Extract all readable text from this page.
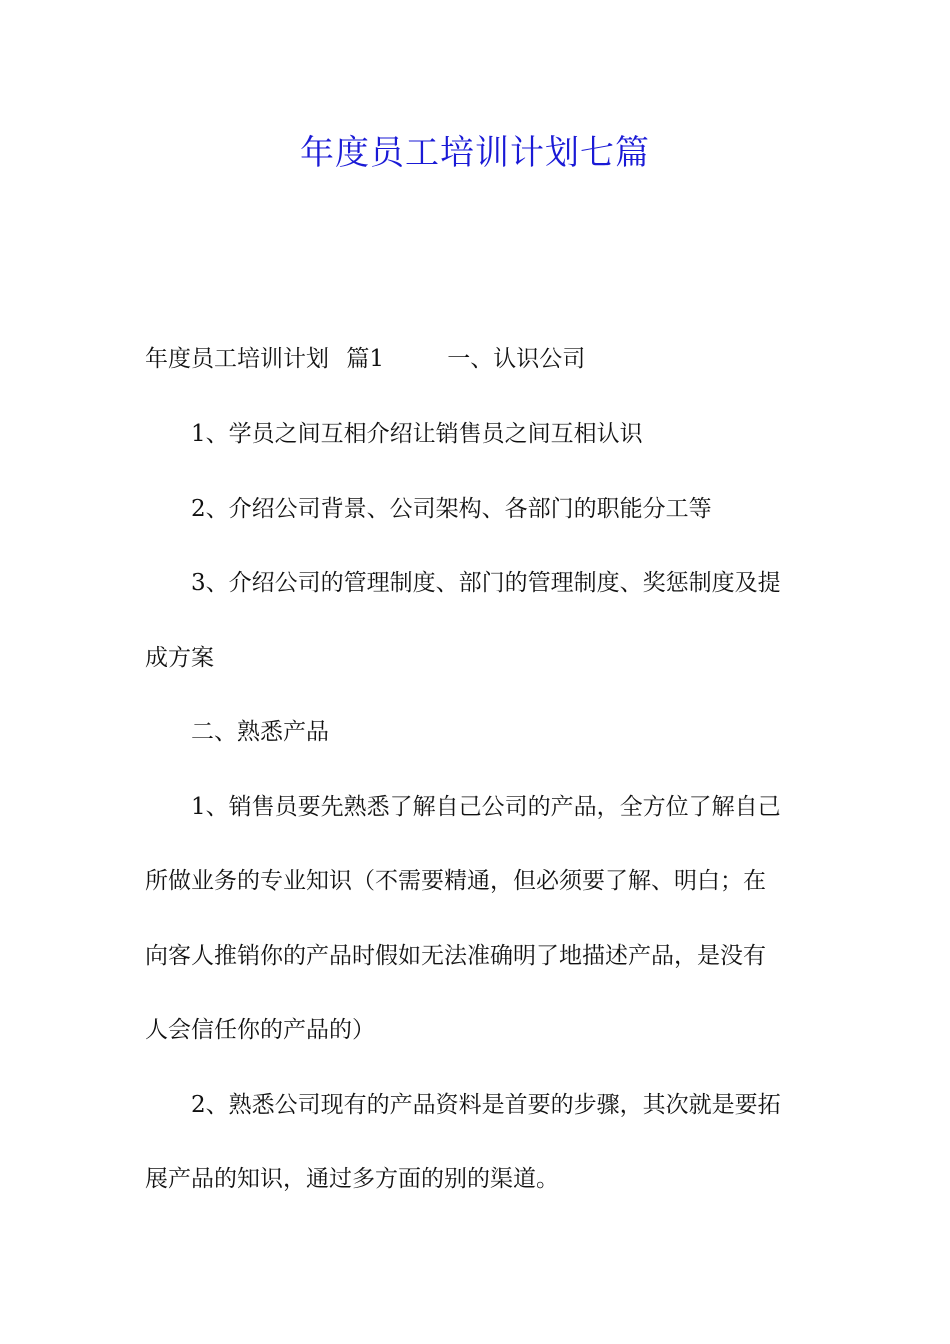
年度员工培训计划七篇
年度员工培训计划 篇1	一、认识公司
1、学员之间互相介绍让销售员之间互相认识
2、介绍公司背景、公司架构、各部门的职能分工等
3、介绍公司的管理制度、部门的管理制度、奖惩制度及提
成方案
二、熟悉产品
1、销售员要先熟悉了解自己公司的产品，全方位了解自己
所做业务的专业知识（不需要精通，但必须要了解、明白；在
向客人推销你的产品时假如无法准确明了地描述产品，是没有
人会信任你的产品的）
2、熟悉公司现有的产品资料是首要的步骤，其次就是要拓
展产品的知识，通过多方面的别的渠道。
